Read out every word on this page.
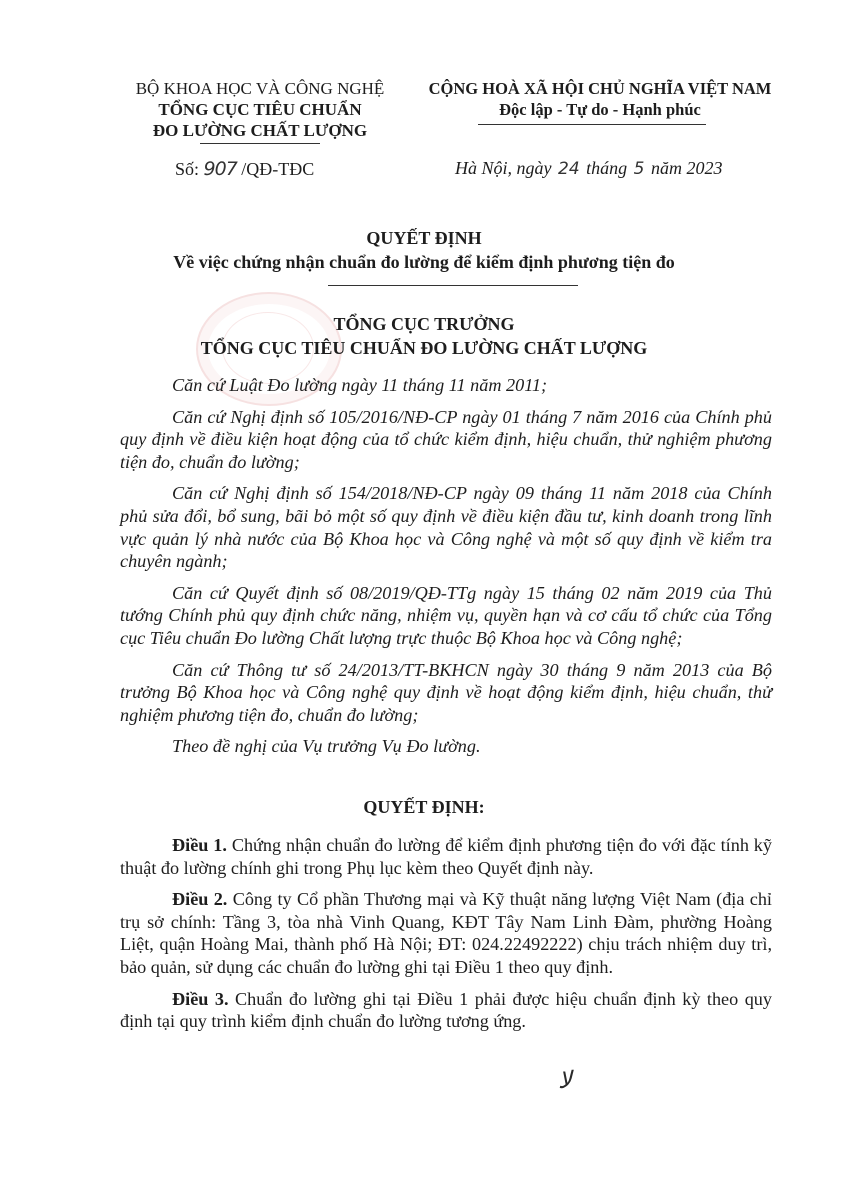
BỘ KHOA HỌC VÀ CÔNG NGHỆ
TỔNG CỤC TIÊU CHUẨN
ĐO LƯỜNG CHẤT LƯỢNG
CỘNG HOÀ XÃ HỘI CHỦ NGHĨA VIỆT NAM
Độc lập - Tự do - Hạnh phúc
Số: 907 /QĐ-TĐC	Hà Nội, ngày 24 tháng 5 năm 2023
QUYẾT ĐỊNH
Về việc chứng nhận chuẩn đo lường để kiểm định phương tiện đo
TỔNG CỤC TRƯỞNG
TỔNG CỤC TIÊU CHUẨN ĐO LƯỜNG CHẤT LƯỢNG

Căn cứ Luật Đo lường ngày 11 tháng 11 năm 2011;

Căn cứ Nghị định số 105/2016/NĐ-CP ngày 01 tháng 7 năm 2016 của Chính phủ quy định về điều kiện hoạt động của tổ chức kiểm định, hiệu chuẩn, thử nghiệm phương tiện đo, chuẩn đo lường;

Căn cứ Nghị định số 154/2018/NĐ-CP ngày 09 tháng 11 năm 2018 của Chính phủ sửa đổi, bổ sung, bãi bỏ một số quy định về điều kiện đầu tư, kinh doanh trong lĩnh vực quản lý nhà nước của Bộ Khoa học và Công nghệ và một số quy định về kiểm tra chuyên ngành;

Căn cứ Quyết định số 08/2019/QĐ-TTg ngày 15 tháng 02 năm 2019 của Thủ tướng Chính phủ quy định chức năng, nhiệm vụ, quyền hạn và cơ cấu tổ chức của Tổng cục Tiêu chuẩn Đo lường Chất lượng trực thuộc Bộ Khoa học và Công nghệ;

Căn cứ Thông tư số 24/2013/TT-BKHCN ngày 30 tháng 9 năm 2013 của Bộ trưởng Bộ Khoa học và Công nghệ quy định về hoạt động kiểm định, hiệu chuẩn, thử nghiệm phương tiện đo, chuẩn đo lường;

Theo đề nghị của Vụ trưởng Vụ Đo lường.

QUYẾT ĐỊNH:

Điều 1. Chứng nhận chuẩn đo lường để kiểm định phương tiện đo với đặc tính kỹ thuật đo lường chính ghi trong Phụ lục kèm theo Quyết định này.

Điều 2. Công ty Cổ phần Thương mại và Kỹ thuật năng lượng Việt Nam (địa chỉ trụ sở chính: Tầng 3, tòa nhà Vinh Quang, KĐT Tây Nam Linh Đàm, phường Hoàng Liệt, quận Hoàng Mai, thành phố Hà Nội; ĐT: 024.22492222) chịu trách nhiệm duy trì, bảo quản, sử dụng các chuẩn đo lường ghi tại Điều 1 theo quy định.

Điều 3. Chuẩn đo lường ghi tại Điều 1 phải được hiệu chuẩn định kỳ theo quy định tại quy trình kiểm định chuẩn đo lường tương ứng.

ﻻ
